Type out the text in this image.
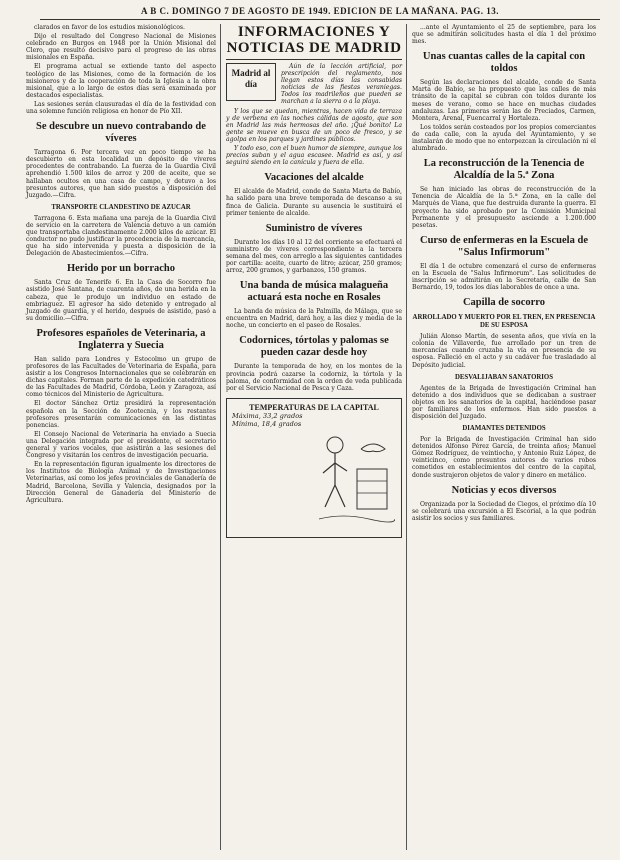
A B C. DOMINGO 7 DE AGOSTO DE 1949. EDICION DE LA MAÑANA. PAG. 13.

clarados en favor de los estudios misionológicos.

Dijo el resultado del Congreso Nacional de Misiones celebrado en Burgos en 1948 por la Unión Misional del Clero, que resultó decisivo para el progreso de las obras misionales en España.

El programa actual se extiende tanto del aspecto teológico de las Misiones, como de la formación de los misioneros y de la cooperación de toda la Iglesia a la obra misional, que a lo largo de estos días será examinada por destacados especialistas.

Las sesiones serán clausuradas el día de la festividad con una solemne función religiosa en honor de Pío XII.

Se descubre un nuevo contrabando de víveres

Tarragona 6. Por tercera vez en poco tiempo se ha descubierto en esta localidad un depósito de víveres procedentes de contrabando. La fuerza de la Guardia Civil aprehendió 1.500 kilos de arroz y 200 de aceite, que se hallaban ocultos en una casa de campo, y detuvo a los presuntos autores, que han sido puestos a disposición del Juzgado.—Cifra.

TRANSPORTE CLANDESTINO DE AZUCAR

Tarragona 6. Esta mañana una pareja de la Guardia Civil de servicio en la carretera de Valencia detuvo a un camión que transportaba clandestinamente 2.000 kilos de azúcar. El conductor no pudo justificar la procedencia de la mercancía, que ha sido intervenida y puesta a disposición de la Delegación de Abastecimientos.—Cifra.

Herido por un borracho

Santa Cruz de Tenerife 6. En la Casa de Socorro fue asistido José Santana, de cuarenta años, de una herida en la cabeza, que le produjo un individuo en estado de embriaguez. El agresor ha sido detenido y entregado al Juzgado de guardia, y el herido, después de asistido, pasó a su domicilio.—Cifra.

Profesores españoles de Veterinaria, a Inglaterra y Suecia

Han salido para Londres y Estocolmo un grupo de profesores de las Facultades de Veterinaria de España, para asistir a los Congresos Internacionales que se celebrarán en dichas capitales. Forman parte de la expedición catedráticos de las Facultades de Madrid, Córdoba, León y Zaragoza, así como técnicos del Ministerio de Agricultura.

El doctor Sánchez Ortiz presidirá la representación española en la Sección de Zootecnia, y los restantes profesores presentarán comunicaciones en las distintas ponencias.

El Consejo Nacional de Veterinaria ha enviado a Suecia una Delegación integrada por el presidente, el secretario general y varios vocales, que asistirán a las sesiones del Congreso y visitarán los centros de investigación pecuaria.

En la representación figuran igualmente los directores de los Institutos de Biología Animal y de Investigaciones Veterinarias, así como los jefes provinciales de Ganadería de Madrid, Barcelona, Sevilla y Valencia, designados por la Dirección General de Ganadería del Ministerio de Agricultura.

INFORMACIONES Y NOTICIAS DE MADRID
Madrid al día

Aún de la lección artificial, por prescripción del reglamento, nos llegan estos días las consabidas noticias de las fiestas veraniegas. Todos los madrileños que pueden se marchan a la sierra o a la playa.

Y los que se quedan, mientras, hacen vida de terraza y de verbena en las noches cálidas de agosto, que son en Madrid las más hermosas del año. ¡Qué bonito! La gente se mueve en busca de un poco de fresco, y se agolpa en los parques y jardines públicos.

Y todo eso, con el buen humor de siempre, aunque los precios suban y el agua escasee. Madrid es así, y así seguirá siendo en la canícula y fuera de ella.

Vacaciones del alcalde

El alcalde de Madrid, conde de Santa Marta de Babío, ha salido para una breve temporada de descanso a su finca de Galicia. Durante su ausencia le sustituirá el primer teniente de alcalde.

Suministro de víveres

Durante los días 10 al 12 del corriente se efectuará el suministro de víveres correspondiente a la tercera semana del mes, con arreglo a las siguientes cantidades por cartilla: aceite, cuarto de litro; azúcar, 250 gramos; arroz, 200 gramos, y garbanzos, 150 gramos.

Una banda de música malagueña actuará esta noche en Rosales

La banda de música de la Palmilla, de Málaga, que se encuentra en Madrid, dará hoy, a las diez y media de la noche, un concierto en el paseo de Rosales.

Codornices, tórtolas y palomas se pueden cazar desde hoy

Durante la temporada de hoy, en los montes de la provincia podrá cazarse la codorniz, la tórtola y la paloma, de conformidad con la orden de veda publicada por el Servicio Nacional de Pesca y Caza.

TEMPERATURAS DE LA CAPITAL
Máxima, 33,2 grados
Mínima, 18,4 grados

...ante el Ayuntamiento el 25 de septiembre, para los que se admitirán solicitudes hasta el día 1 del próximo mes.

Unas cuantas calles de la capital con toldos

Según las declaraciones del alcalde, conde de Santa Marta de Babío, se ha propuesto que las calles de más tránsito de la capital se cubran con toldos durante los meses de verano, como se hace en muchas ciudades andaluzas. Las primeras serán las de Preciados, Carmen, Montera, Arenal, Fuencarral y Hortaleza.

Los toldos serán costeados por los propios comerciantes de cada calle, con la ayuda del Ayuntamiento, y se instalarán de modo que no entorpezcan la circulación ni el alumbrado.

La reconstrucción de la Tenencia de Alcaldía de la 5.ª Zona

Se han iniciado las obras de reconstrucción de la Tenencia de Alcaldía de la 5.ª Zona, en la calle del Marqués de Viana, que fue destruida durante la guerra. El proyecto ha sido aprobado por la Comisión Municipal Permanente y el presupuesto asciende a 1.200.000 pesetas.

Curso de enfermeras en la Escuela de "Salus Infirmorum"

El día 1 de octubre comenzará el curso de enfermeras en la Escuela de "Salus Infirmorum". Las solicitudes de inscripción se admitirán en la Secretaría, calle de San Bernardo, 19, todos los días laborables de once a una.

Capilla de socorro
ARROLLADO Y MUERTO POR EL TREN, EN PRESENCIA DE SU ESPOSA

Julián Alonso Martín, de sesenta años, que vivía en la colonia de Villaverde, fue arrollado por un tren de mercancías cuando cruzaba la vía en presencia de su esposa. Falleció en el acto y su cadáver fue trasladado al Depósito judicial.

DESVALIJABAN SANATORIOS

Agentes de la Brigada de Investigación Criminal han detenido a dos individuos que se dedicaban a sustraer objetos en los sanatorios de la capital, haciéndose pasar por familiares de los enfermos. Han sido puestos a disposición del Juzgado.

DIAMANTES DETENIDOS

Por la Brigada de Investigación Criminal han sido detenidos Alfonso Pérez García, de treinta años; Manuel Gómez Rodríguez, de veintiocho, y Antonio Ruiz López, de veinticinco, como presuntos autores de varios robos cometidos en establecimientos del centro de la capital, donde sustrajeron objetos de valor y dinero en metálico.

Noticias y ecos diversos

Organizada por la Sociedad de Ciegos, el próximo día 10 se celebrará una excursión a El Escorial, a la que podrán asistir los socios y sus familiares.
